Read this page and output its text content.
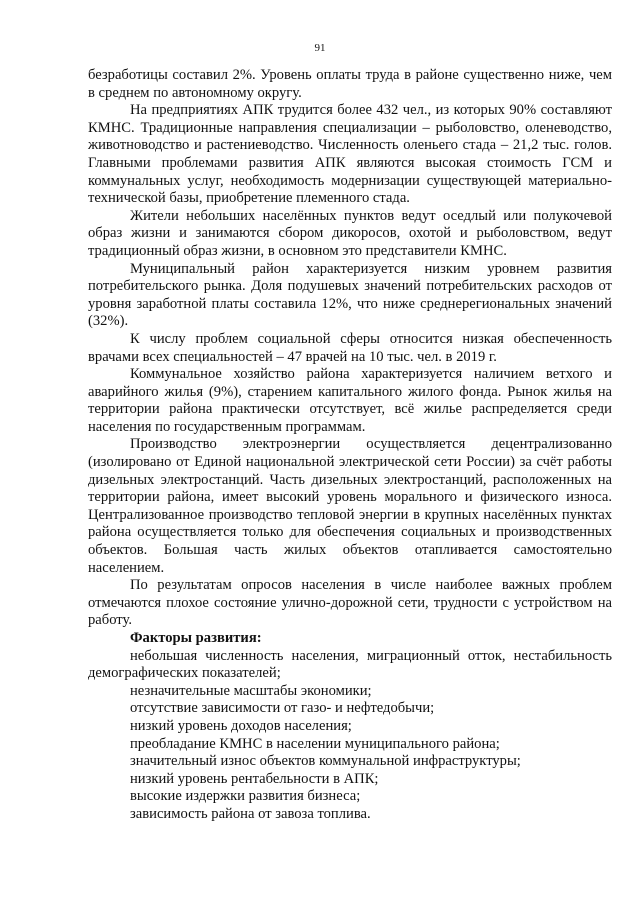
91

безработицы составил 2%. Уровень оплаты труда в районе существенно ниже, чем в среднем по автономному округу.

На предприятиях АПК трудится более 432 чел., из которых 90% составляют КМНС. Традиционные направления специализации – рыболовство, оленеводство, животноводство и растениеводство. Численность оленьего стада – 21,2 тыс. голов. Главными проблемами развития АПК являются высокая стоимость ГСМ и коммунальных услуг, необходимость модернизации существующей материально-технической базы, приобретение племенного стада.

Жители небольших населённых пунктов ведут оседлый или полукочевой образ жизни и занимаются сбором дикоросов, охотой и рыболовством, ведут традиционный образ жизни, в основном это представители КМНС.

Муниципальный район характеризуется низким уровнем развития потребительского рынка. Доля подушевых значений потребительских расходов от уровня заработной платы составила 12%, что ниже среднерегиональных значений (32%).

К числу проблем социальной сферы относится низкая обеспеченность врачами всех специальностей – 47 врачей на 10 тыс. чел. в 2019 г.

Коммунальное хозяйство района характеризуется наличием ветхого и аварийного жилья (9%), старением капитального жилого фонда. Рынок жилья на территории района практически отсутствует, всё жилье распределяется среди населения по государственным программам.

Производство электроэнергии осуществляется децентрализованно (изолировано от Единой национальной электрической сети России) за счёт работы дизельных электростанций. Часть дизельных электростанций, расположенных на территории района, имеет высокий уровень морального и физического износа. Централизованное производство тепловой энергии в крупных населённых пунктах района осуществляется только для обеспечения социальных и производственных объектов. Большая часть жилых объектов отапливается самостоятельно населением.

По результатам опросов населения в числе наиболее важных проблем отмечаются плохое состояние улично-дорожной сети, трудности с устройством на работу.

Факторы развития:

небольшая численность населения, миграционный отток, нестабильность демографических показателей;

незначительные масштабы экономики;

отсутствие зависимости от газо- и нефтедобычи;

низкий уровень доходов населения;

преобладание КМНС в населении муниципального района;

значительный износ объектов коммунальной инфраструктуры;

низкий уровень рентабельности в АПК;

высокие издержки развития бизнеса;

зависимость района от завоза топлива.
